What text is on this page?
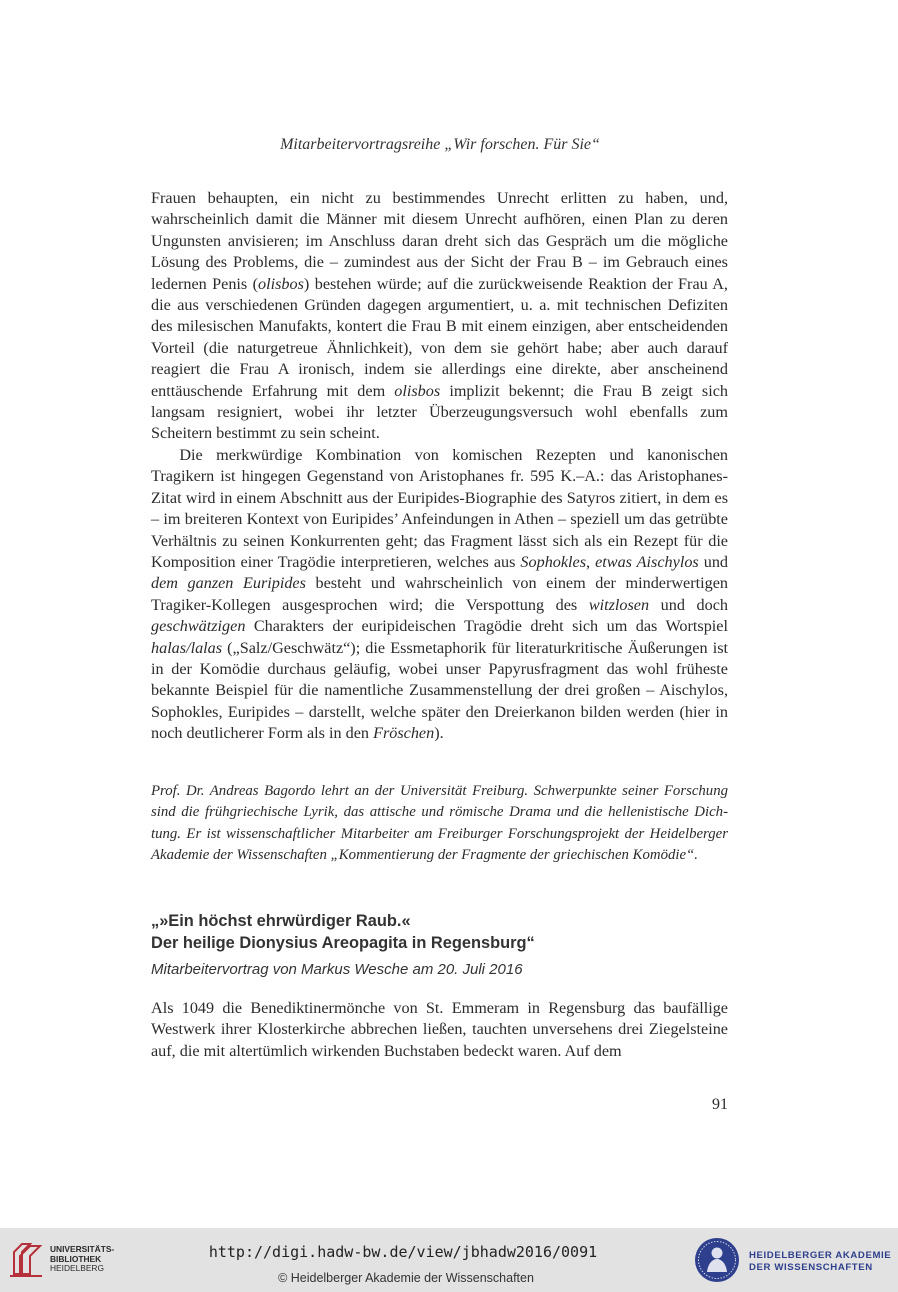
Mitarbeitervortragsreihe „Wir forschen. Für Sie“

Frauen behaupten, ein nicht zu bestimmendes Unrecht erlitten zu haben, und, wahrscheinlich damit die Männer mit diesem Unrecht aufhören, einen Plan zu deren Ungunsten anvisieren; im Anschluss daran dreht sich das Gespräch um die mögliche Lösung des Problems, die – zumindest aus der Sicht der Frau B – im Gebrauch eines ledernen Penis (olisbos) bestehen würde; auf die zurückweisende Reaktion der Frau A, die aus verschiedenen Gründen dagegen argumentiert, u. a. mit technischen Defiziten des milesischen Manufakts, kontert die Frau B mit einem einzigen, aber entscheidenden Vorteil (die naturgetreue Ähnlichkeit), von dem sie gehört habe; aber auch darauf reagiert die Frau A ironisch, indem sie allerdings eine direkte, aber anscheinend enttäuschende Erfahrung mit dem olisbos implizit bekennt; die Frau B zeigt sich langsam resigniert, wobei ihr letzter Überzeugungsversuch wohl ebenfalls zum Scheitern bestimmt zu sein scheint.

Die merkwürdige Kombination von komischen Rezepten und kanonischen Tragikern ist hingegen Gegenstand von Aristophanes fr. 595 K.–A.: das Aristophanes-Zitat wird in einem Abschnitt aus der Euripides-Biographie des Satyros zitiert, in dem es – im breiteren Kontext von Euripides’ Anfeindungen in Athen – speziell um das getrübte Verhältnis zu seinen Konkurrenten geht; das Fragment lässt sich als ein Rezept für die Komposition einer Tragödie interpretieren, welches aus Sophokles, etwas Aischylos und dem ganzen Euripides besteht und wahrscheinlich von einem der minderwertigen Tragiker-Kollegen ausgesprochen wird; die Verspottung des witzlosen und doch geschwätzigen Charakters der euripideischen Tragödie dreht sich um das Wortspiel halas/lalas („Salz/Geschwätz“); die Essmetaphorik für literaturkritische Äußerungen ist in der Komödie durchaus geläufig, wobei unser Papyrusfragment das wohl früheste bekannte Beispiel für die namentliche Zusammenstellung der drei großen – Aischylos, Sophokles, Euripides – darstellt, welche später den Dreierkanon bilden werden (hier in noch deutlicherer Form als in den Fröschen).

Prof. Dr. Andreas Bagordo lehrt an der Universität Freiburg. Schwerpunkte seiner Forschung sind die frühgriechische Lyrik, das attische und römische Drama und die hellenistische Dichtung. Er ist wissenschaftlicher Mitarbeiter am Freiburger Forschungsprojekt der Heidelberger Akademie der Wissenschaften „Kommentierung der Fragmente der griechischen Komödie“.
„»Ein höchst ehrwürdiger Raub.«
Der heilige Dionysius Areopagita in Regensburg“
Mitarbeitervortrag von Markus Wesche am 20. Juli 2016
Als 1049 die Benediktinermönche von St. Emmeram in Regensburg das baufällige Westwerk ihrer Klosterkirche abbrechen ließen, tauchten unversehens drei Ziegelsteine auf, die mit altertümlich wirkenden Buchstaben bedeckt waren. Auf dem
91
UNIVERSITÄTS-
BIBLIOTHEK
HEIDELBERG
http://digi.hadw-bw.de/view/jbhadw2016/0091
© Heidelberger Akademie der Wissenschaften
HEIDELBERGER AKADEMIE
DER WISSENSCHAFTEN
